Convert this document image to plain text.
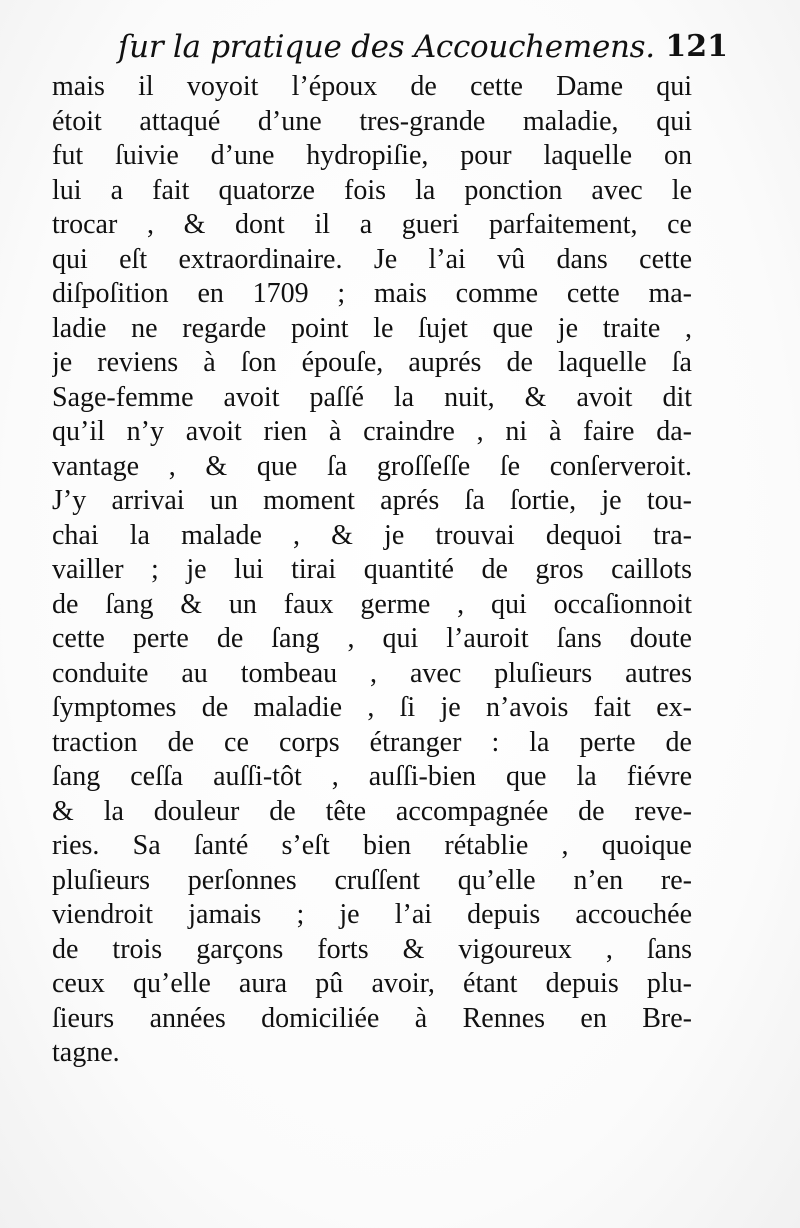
ſur la pratique des Accouchemens. 121
mais il voyoit l’époux de cette Dame qui
étoit attaqué d’une tres-grande maladie, qui
fut ſuivie d’une hydropiſie, pour laquelle on
lui a fait quatorze fois la ponction avec le
trocar , & dont il a gueri parfaitement, ce
qui eſt extraordinaire. Je l’ai vû dans cette
diſpoſition en 1709 ; mais comme cette ma-
ladie ne regarde point le ſujet que je traite ,
je reviens à ſon épouſe, auprés de laquelle ſa
Sage-femme avoit paſſé la nuit, & avoit dit
qu’il n’y avoit rien à craindre , ni à faire da-
vantage , & que ſa groſſeſſe ſe conſerveroit.
J’y arrivai un moment aprés ſa ſortie, je tou-
chai la malade , & je trouvai dequoi tra-
vailler ; je lui tirai quantité de gros caillots
de ſang & un faux germe , qui occaſionnoit
cette perte de ſang , qui l’auroit ſans doute
conduite au tombeau , avec pluſieurs autres
ſymptomes de maladie , ſi je n’avois fait ex-
traction de ce corps étranger : la perte de
ſang ceſſa auſſi-tôt , auſſi-bien que la fiévre
& la douleur de tête accompagnée de reve-
ries. Sa ſanté s’eſt bien rétablie , quoique
pluſieurs perſonnes cruſſent qu’elle n’en re-
viendroit jamais ; je l’ai depuis accouchée
de trois garçons forts & vigoureux , ſans
ceux qu’elle aura pû avoir, étant depuis plu-
ſieurs années domiciliée à Rennes en Bre-
tagne.
